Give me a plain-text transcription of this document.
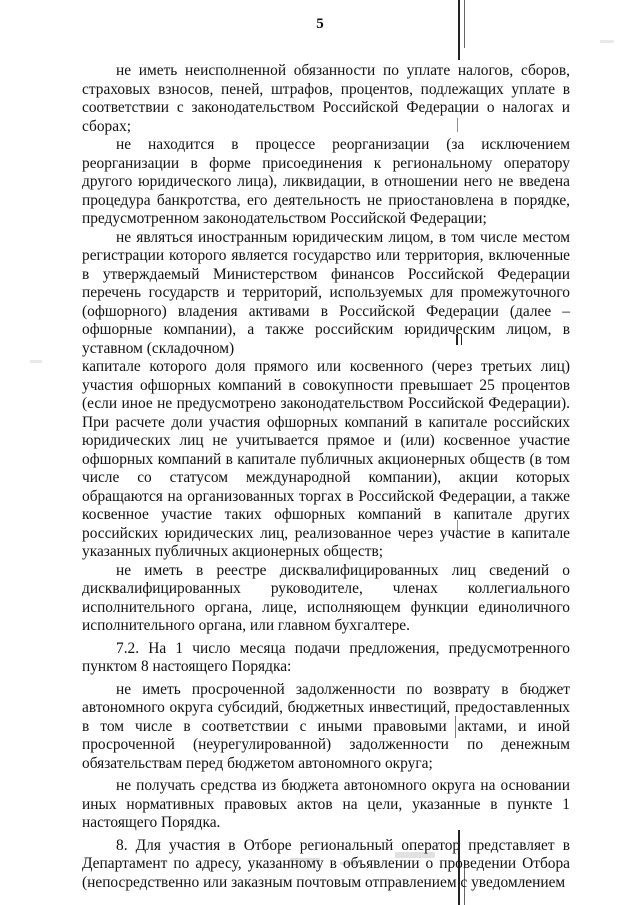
5

не иметь неисполненной обязанности по уплате налогов, сборов, страховых взносов, пеней, штрафов, процентов, подлежащих уплате в соответствии с законодательством Российской Федерации о налогах и сборах;

не находится в процессе реорганизации (за исключением реорганизации в форме присоединения к региональному оператору другого юридического лица), ликвидации, в отношении него не введена процедура банкротства, его деятельность не приостановлена в порядке, предусмотренном законодательством Российской Федерации;

не являться иностранным юридическим лицом, в том числе местом регистрации которого является государство или территория, включенные в утверждаемый Министерством финансов Российской Федерации перечень государств и территорий, используемых для промежуточного (офшорного) владения активами в Российской Федерации (далее – офшорные компании), а также российским юридическим лицом, в уставном (складочном)

капитале которого доля прямого или косвенного (через третьих лиц) участия офшорных компаний в совокупности превышает 25 процентов (если иное не предусмотрено законодательством Российской Федерации). При расчете доли участия офшорных компаний в капитале российских юридических лиц не учитывается прямое и (или) косвенное участие офшорных компаний в капитале публичных акционерных обществ (в том числе со статусом международной компании), акции которых обращаются на организованных торгах в Российской Федерации, а также косвенное участие таких офшорных компаний в капитале других российских юридических лиц, реализованное через участие в капитале указанных публичных акционерных обществ;

не иметь в реестре дисквалифицированных лиц сведений о дисквалифицированных руководителе, членах коллегиального исполнительного органа, лице, исполняющем функции единоличного исполнительного органа, или главном бухгалтере.

7.2. На 1 число месяца подачи предложения, предусмотренного пунктом 8 настоящего Порядка:

не иметь просроченной задолженности по возврату в бюджет автономного округа субсидий, бюджетных инвестиций, предоставленных в том числе в соответствии с иными правовыми актами, и иной просроченной (неурегулированной) задолженности по денежным обязательствам перед бюджетом автономного округа;

не получать средства из бюджета автономного округа на основании иных нормативных правовых актов на цели, указанные в пункте 1 настоящего Порядка.

8. Для участия в Отборе региональный оператор представляет в Департамент по адресу, указанному в объявлении о проведении Отбора (непосредственно или заказным почтовым отправлением с уведомлением
